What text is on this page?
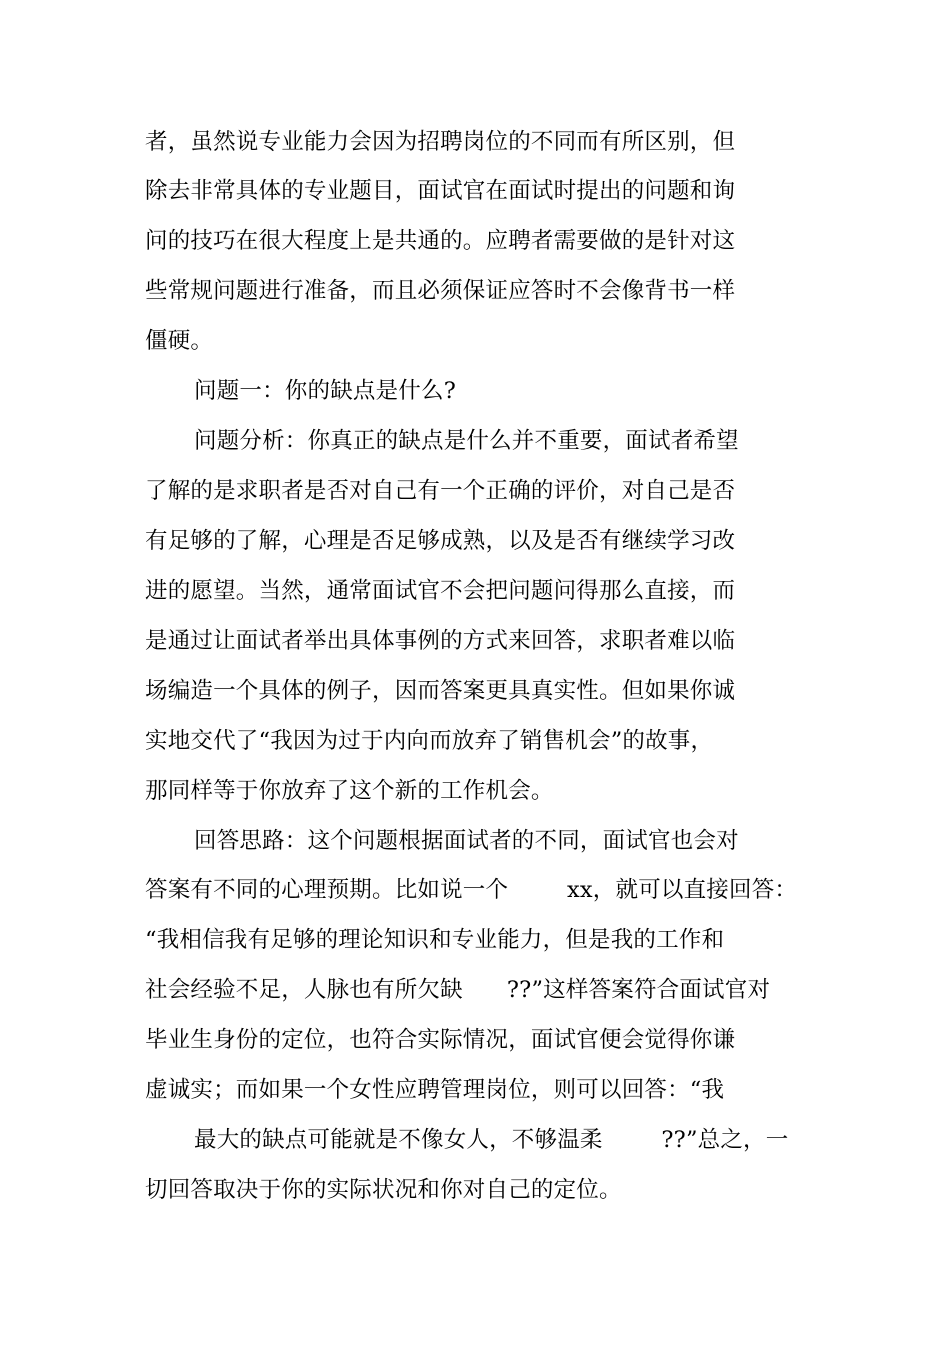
者，虽然说专业能力会因为招聘岗位的不同而有所区别，但
除去非常具体的专业题目，面试官在面试时提出的问题和询
问的技巧在很大程度上是共通的。应聘者需要做的是针对这
些常规问题进行准备，而且必须保证应答时不会像背书一样
僵硬。
问题一：你的缺点是什么?
问题分析：你真正的缺点是什么并不重要，面试者希望
了解的是求职者是否对自己有一个正确的评价，对自己是否
有足够的了解，心理是否足够成熟，以及是否有继续学习改
进的愿望。当然，通常面试官不会把问题问得那么直接，而
是通过让面试者举出具体事例的方式来回答，求职者难以临
场编造一个具体的例子，因而答案更具真实性。但如果你诚
实地交代了“我因为过于内向而放弃了销售机会”的故事，
那同样等于你放弃了这个新的工作机会。
回答思路：这个问题根据面试者的不同，面试官也会对
答案有不同的心理预期。比如说一个        xx，就可以直接回答：
“我相信我有足够的理论知识和专业能力，但是我的工作和
社会经验不足，人脉也有所欠缺      ??”这样答案符合面试官对
毕业生身份的定位，也符合实际情况，面试官便会觉得你谦
虚诚实；而如果一个女性应聘管理岗位，则可以回答：“我
最大的缺点可能就是不像女人，不够温柔        ??”总之，一
切回答取决于你的实际状况和你对自己的定位。
